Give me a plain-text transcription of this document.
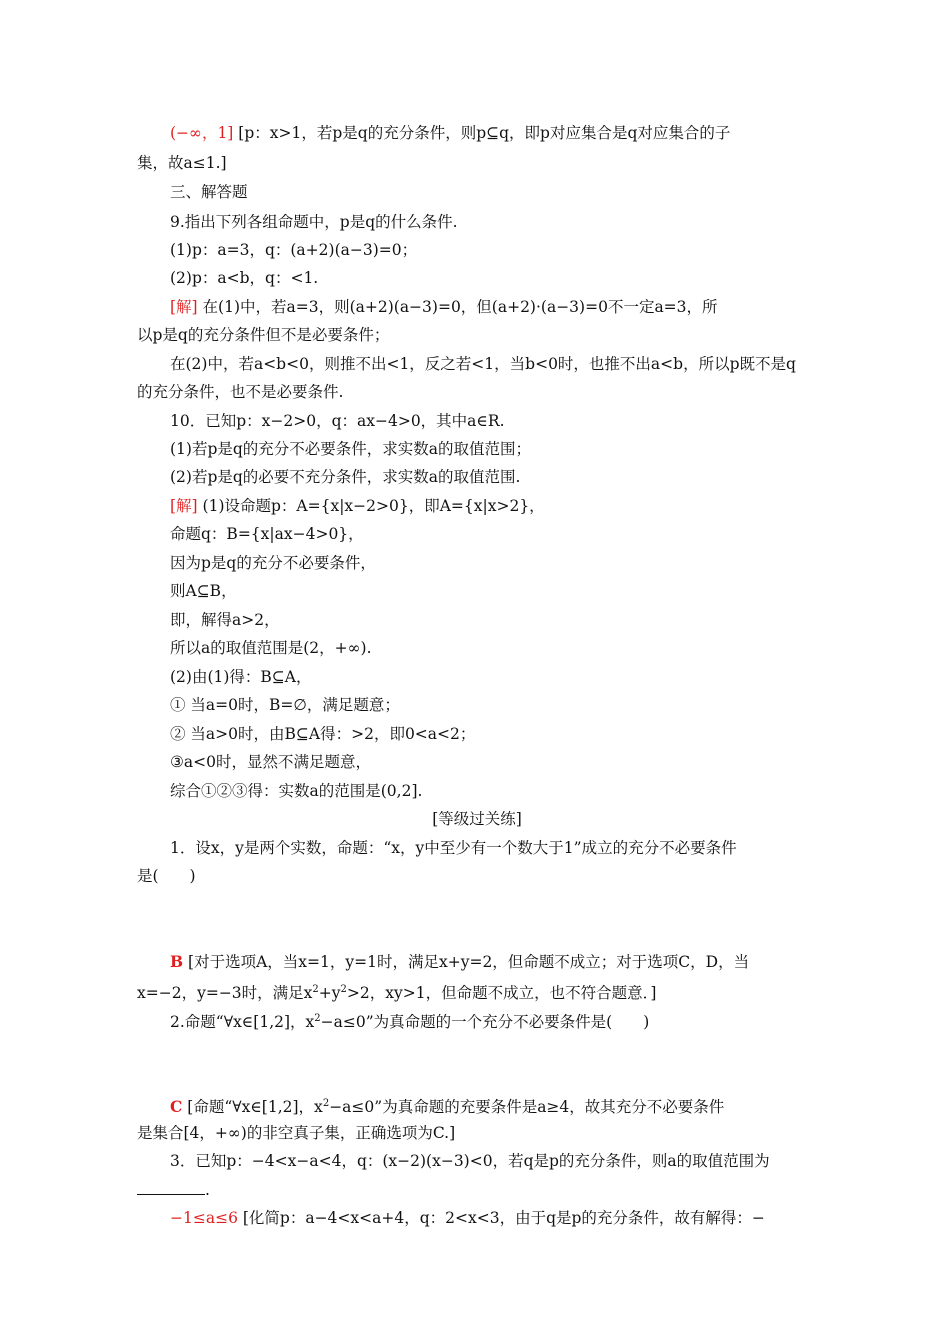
(−∞，1] [p：x>1，若p是q的充分条件，则p⊆q，即p对应集合是q对应集合的子
集，故a≤1.]
三、解答题
9.指出下列各组命题中，p是q的什么条件.
(1)p：a=3，q：(a+2)(a−3)=0；
(2)p：a<b，q：<1.
[解] 在(1)中，若a=3，则(a+2)(a−3)=0，但(a+2)·(a−3)=0不一定a=3，所
以p是q的充分条件但不是必要条件；
在(2)中，若a<b<0，则推不出<1，反之若<1，当b<0时，也推不出a<b，所以p既不是q
的充分条件，也不是必要条件.
10．已知p：x−2>0，q：ax−4>0，其中a∈R.
(1)若p是q的充分不必要条件，求实数a的取值范围；
(2)若p是q的必要不充分条件，求实数a的取值范围.
[解] (1)设命题p：A={x|x−2>0}，即A={x|x>2}，
命题q：B={x|ax−4>0}，
因为p是q的充分不必要条件，
则A⊆B，
即，解得a>2，
所以a的取值范围是(2，+∞).
(2)由(1)得：B⊆A，
① 当a=0时，B=∅，满足题意；
② 当a>0时，由B⊆A得：>2，即0<a<2；
③a<0时，显然不满足题意，
综合①②③得：实数a的范围是(0,2].
[等级过关练]
1．设x，y是两个实数，命题：“x，y中至少有一个数大于1”成立的充分不必要条件
是(　　)
B [对于选项A，当x=1，y=1时，满足x+y=2，但命题不成立；对于选项C，D，当
x=−2，y=−3时，满足$x^2+y^2>2$，xy>1，但命题不成立，也不符合题意．]
2.命题“∀x∈[1,2]，$x^2-a\le 0$”为真命题的一个充分不必要条件是(　　)
C [命题“∀x∈[1,2]，$x^2-a\le 0$”为真命题的充要条件是a≥4，故其充分不必要条件
是集合[4，+∞)的非空真子集，正确选项为C.]
3．已知p：−4<x−a<4，q：(x−2)(x−3)<0，若q是p的充分条件，则a的取值范围为
.
−1≤a≤6 [化简p：a−4<x<a+4，q：2<x<3，由于q是p的充分条件，故有解得：−
